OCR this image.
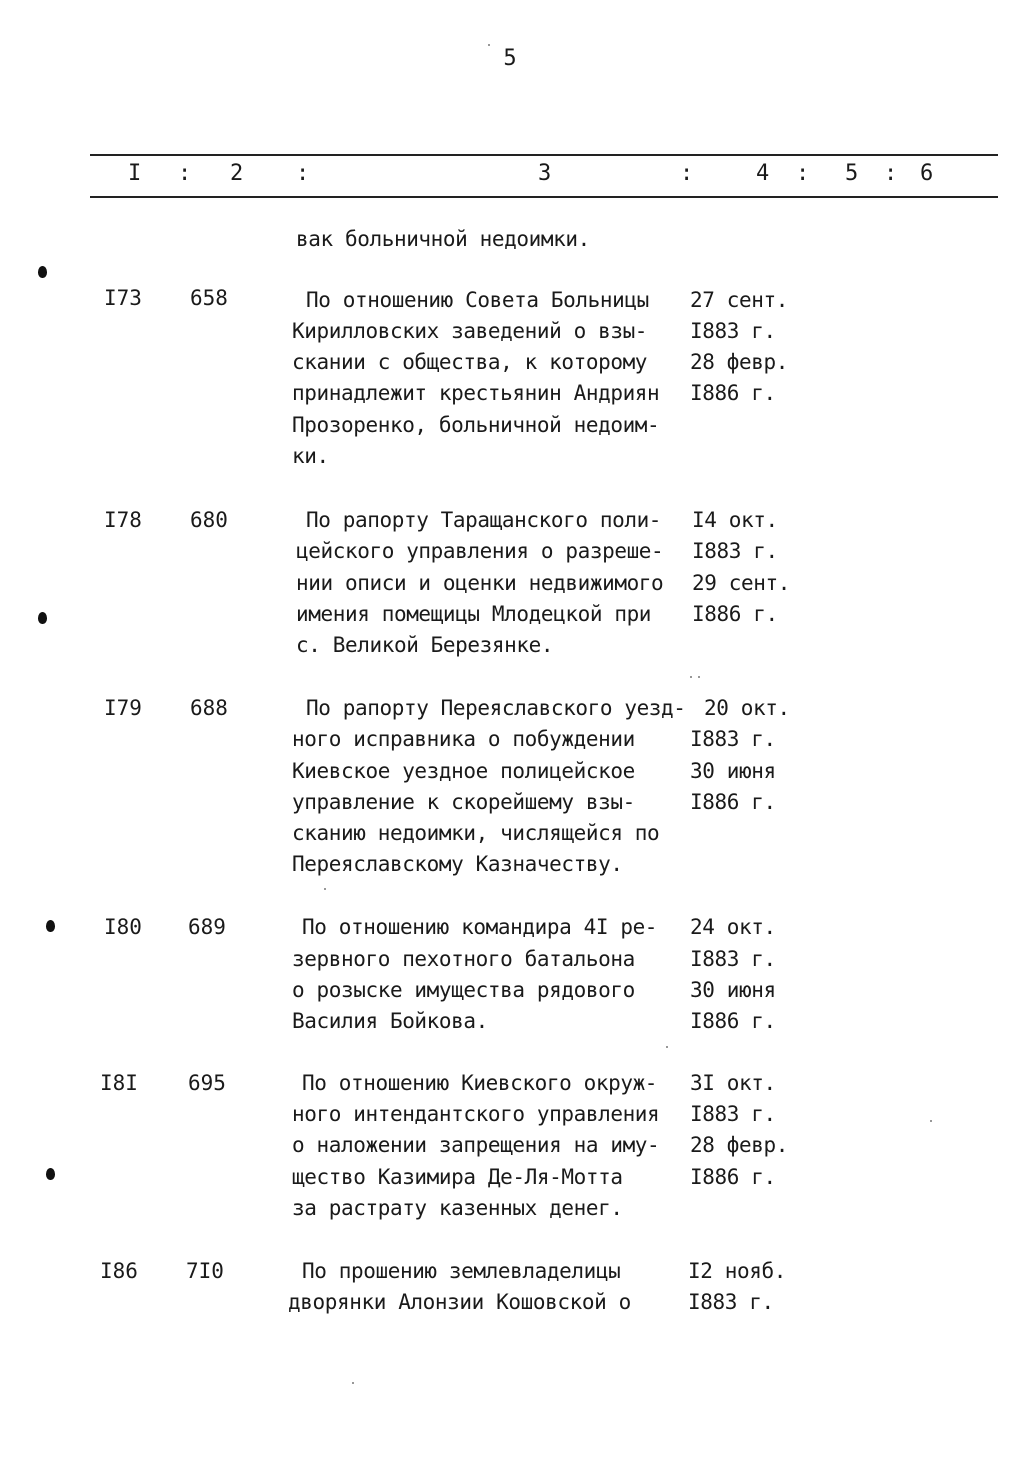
5
I : 2 :	3	:	4 : 5 : 6
вак больничной недоимки.
I73 658	По отношению Совета Больницы
Кирилловских заведений о взы-
скании с общества, к которому
принадлежит крестьянин Андриян
Прозоренко, больничной недоим-
ки.
27 сент.
I883 г.
28 февр.
I886 г.
I78 680	По рапорту Таращанского поли-
цейского управления о разреше-
нии описи и оценки недвижимого
имения помещицы Млодецкой при
с. Великой Березянке.
I4 окт.
I883 г.
29 сент.
I886 г.
I79 688	По рапорту Переяславского уезд-
ного исправника о побуждении
Киевское уездное полицейское
управление к скорейшему взы-
сканию недоимки, числящейся по
Переяславскому Казначеству.
20 окт.
I883 г.
30 июня
I886 г.
I80 689	По отношению командира 4I ре-
зервного пехотного батальона
о розыске имущества рядового
Василия Бойкова.
24 окт.
I883 г.
30 июня
I886 г.
I8I 695	По отношению Киевского окруж-
ного интендантского управления
о наложении запрещения на иму-
щество Казимира Де-Ля-Мотта
за растрату казенных денег.
3I окт.
I883 г.
28 февр.
I886 г.
I86 7I0	По прошению землевладелицы
дворянки Алонзии Кошовской о
I2 нояб.
I883 г.
